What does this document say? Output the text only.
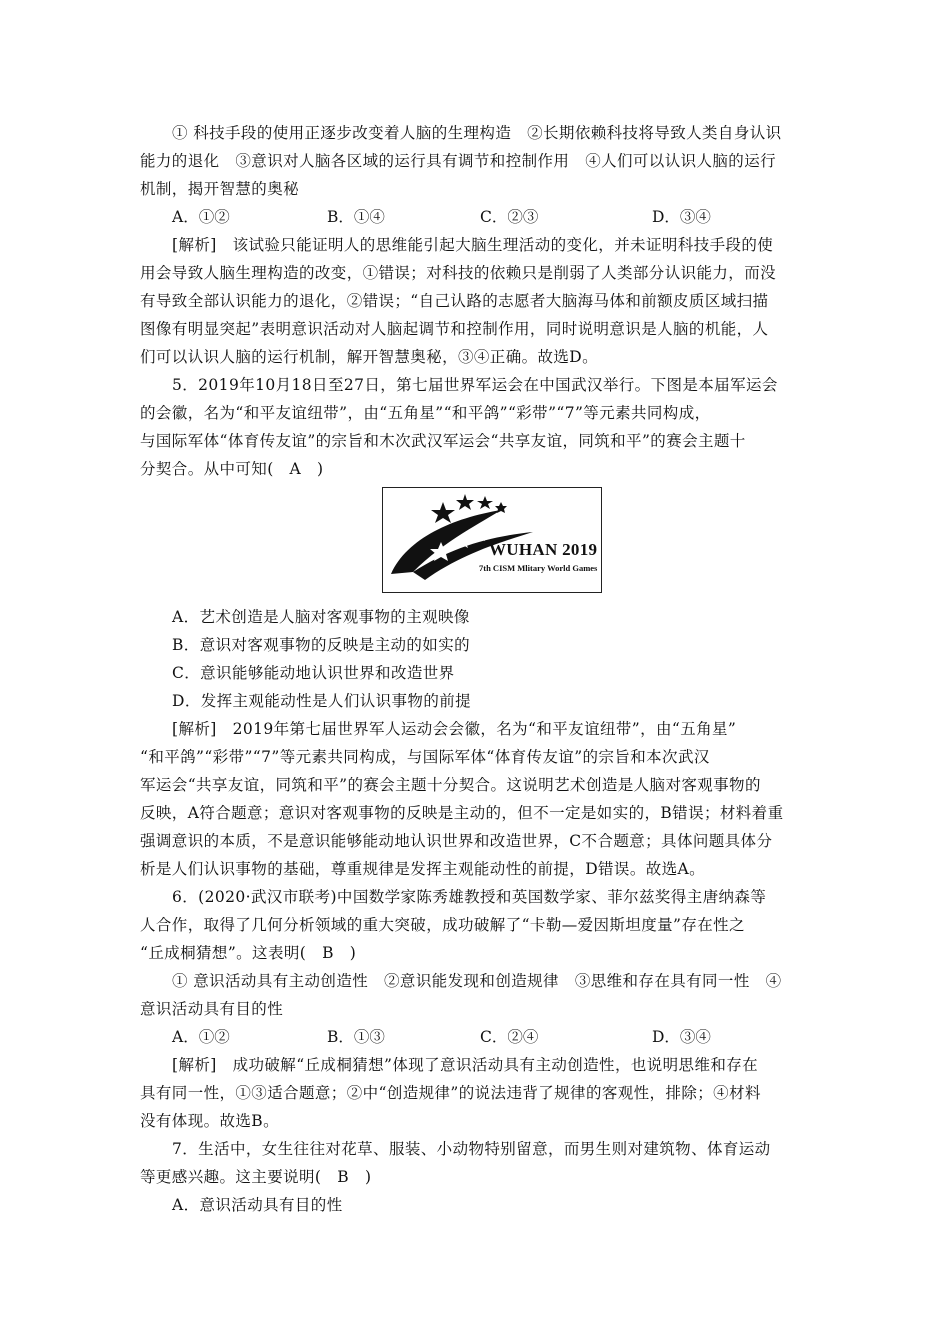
① 科技手段的使用正逐步改变着人脑的生理构造　②长期依赖科技将导致人类自身认识
能力的退化　③意识对人脑各区域的运行具有调节和控制作用　④人们可以认识人脑的运行
机制，揭开智慧的奥秘
A．①②	B．①④	C．②③	D．③④
[解析]　该试验只能证明人的思维能引起大脑生理活动的变化，并未证明科技手段的使
用会导致人脑生理构造的改变，①错误；对科技的依赖只是削弱了人类部分认识能力，而没
有导致全部认识能力的退化，②错误；“自己认路的志愿者大脑海马体和前额皮质区域扫描
图像有明显突起”表明意识活动对人脑起调节和控制作用，同时说明意识是人脑的机能，人
们可以认识人脑的运行机制，解开智慧奥秘，③④正确。故选D。
5．2019年10月18日至27日，第七届世界军运会在中国武汉举行。下图是本届军运会
的会徽，名为“和平友谊纽带”，由“五角星”“和平鸽”“彩带”“7”等元素共同构成，
与国际军体“体育传友谊”的宗旨和木次武汉军运会“共享友谊，同筑和平”的赛会主题十
分契合。从中可知(　A　)
WUHAN 2019
7th CISM Mlitary World Games
A．艺术创造是人脑对客观事物的主观映像
B．意识对客观事物的反映是主动的如实的
C．意识能够能动地认识世界和改造世界
D．发挥主观能动性是人们认识事物的前提
[解析]　2019年第七届世界军人运动会会徽，名为“和平友谊纽带”，由“五角星”
“和平鸽”“彩带”“7”等元素共同构成，与国际军体“体育传友谊”的宗旨和本次武汉
军运会“共享友谊，同筑和平”的赛会主题十分契合。这说明艺术创造是人脑对客观事物的
反映，A符合题意；意识对客观事物的反映是主动的，但不一定是如实的，B错误；材料着重
强调意识的本质，不是意识能够能动地认识世界和改造世界，C不合题意；具体问题具体分
析是人们认识事物的基础，尊重规律是发挥主观能动性的前提，D错误。故选A。
6．(2020·武汉市联考)中国数学家陈秀雄教授和英国数学家、菲尔兹奖得主唐纳森等
人合作，取得了几何分析领域的重大突破，成功破解了“卡勒—爱因斯坦度量”存在性之
“丘成桐猜想”。这表明(　B　)
① 意识活动具有主动创造性　②意识能发现和创造规律　③思维和存在具有同一性　④
意识活动具有目的性
A．①②	B．①③	C．②④	D．③④
[解析]　成功破解“丘成桐猜想”体现了意识活动具有主动创造性，也说明思维和存在
具有同一性，①③适合题意；②中“创造规律”的说法违背了规律的客观性，排除；④材料
没有体现。故选B。
7．生活中，女生往往对花草、服装、小动物特别留意，而男生则对建筑物、体育运动
等更感兴趣。这主要说明(　B　)
A．意识活动具有目的性
